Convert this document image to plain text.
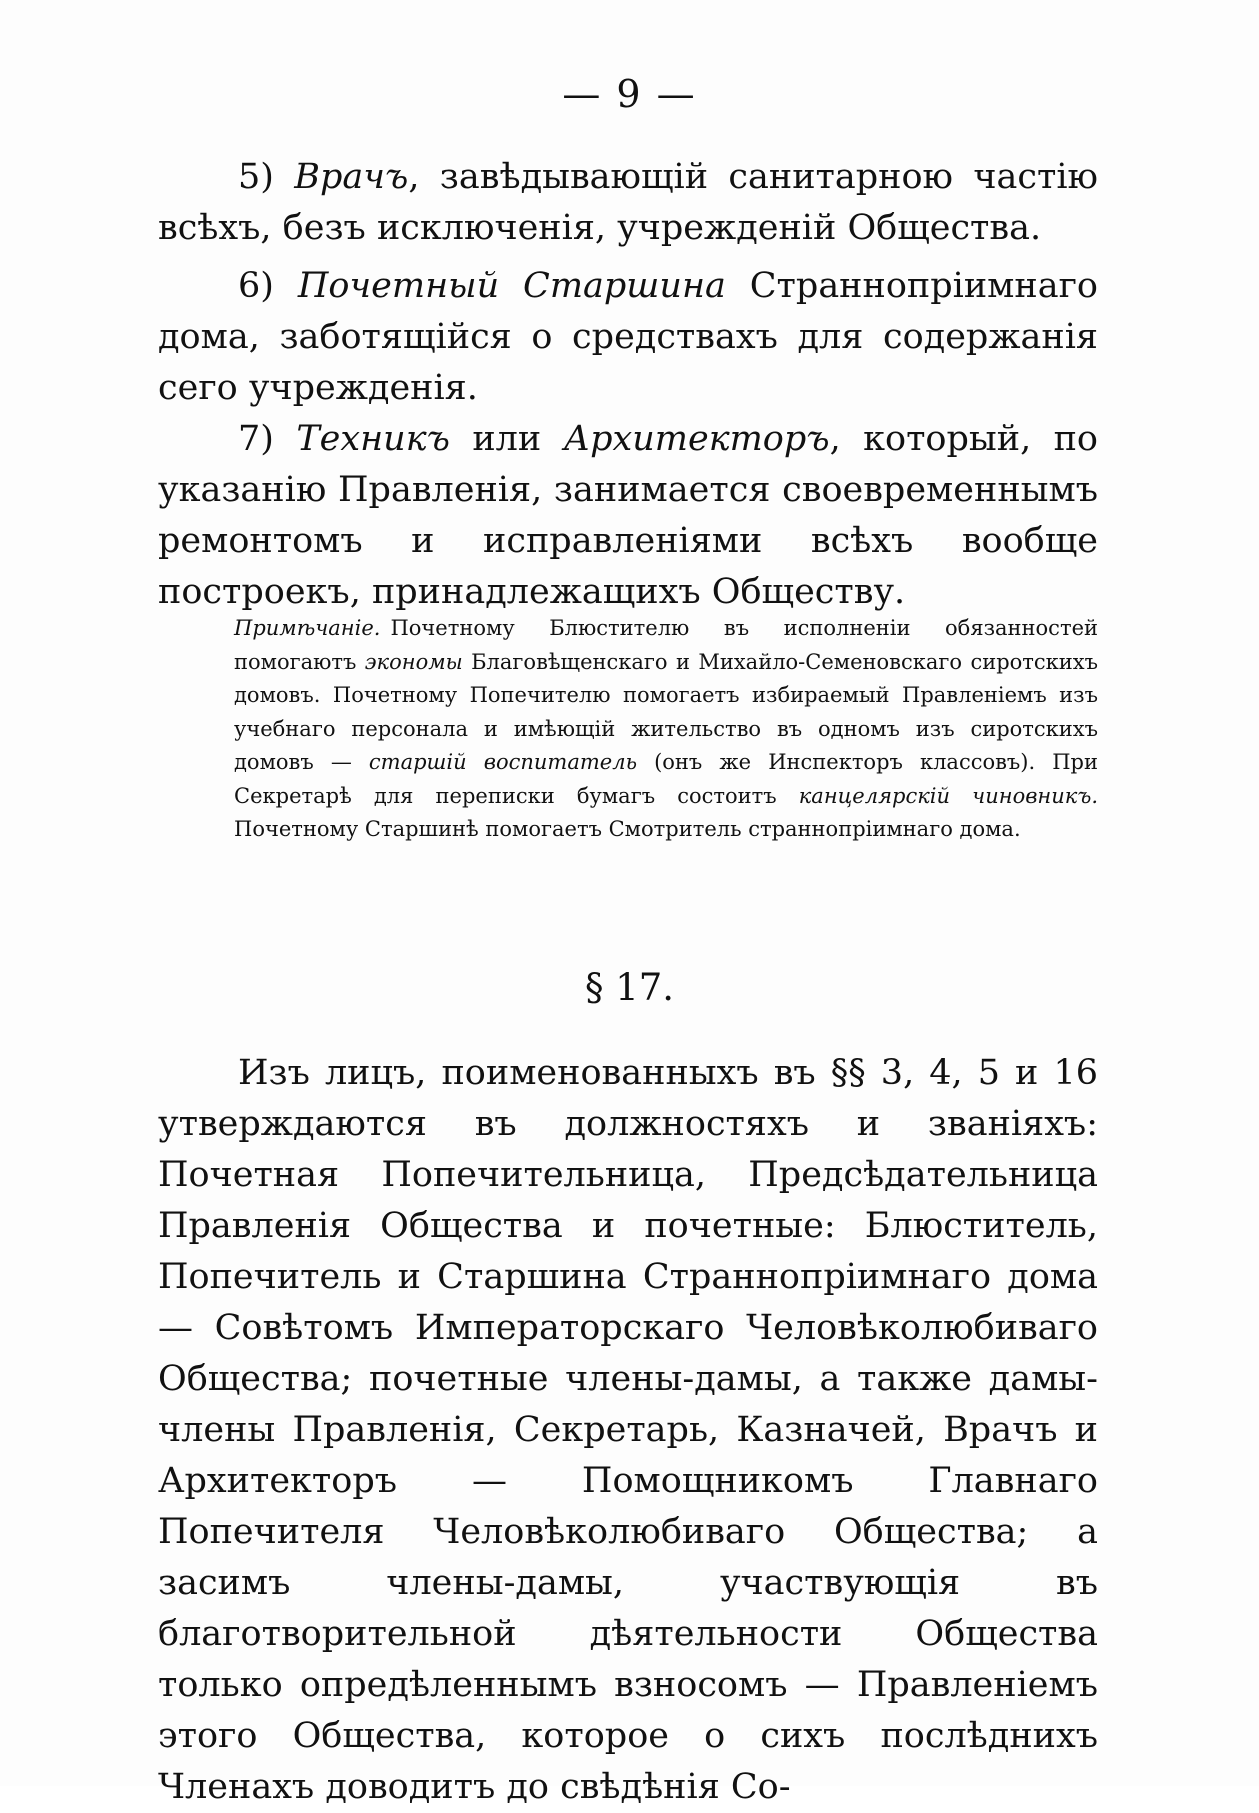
— 9 —

5) Врачъ, завѣдывающій санитарною частію всѣхъ, безъ исключенія, учрежденій Общества.

6) Почетный Старшина Страннопріимнаго дома, заботящійся о средствахъ для содержанія сего учрежденія.

7) Техникъ или Архитекторъ, который, по указанію Правленія, занимается своевременнымъ ремонтомъ и исправленіями всѣхъ вообще построекъ, принадлежащихъ Обществу.

Примѣчаніе. Почетному Блюстителю въ исполненіи обязанностей помогаютъ экономы Благовѣщенскаго и Михайло-Семеновскаго сиротскихъ домовъ. Почетному Попечителю помогаетъ избираемый Правленіемъ изъ учебнаго персонала и имѣющій жительство въ одномъ изъ сиротскихъ домовъ — старшій воспитатель (онъ же Инспекторъ классовъ). При Секретарѣ для переписки бумагъ состоитъ канцелярскій чиновникъ. Почетному Старшинѣ помогаетъ Смотритель страннопріимнаго дома.

§ 17.

Изъ лицъ, поименованныхъ въ §§ 3, 4, 5 и 16 утверждаются въ должностяхъ и званіяхъ: Почетная Попечительница, Предсѣдательница Правленія Общества и почетные: Блюститель, Попечитель и Старшина Страннопріимнаго дома — Совѣтомъ Императорскаго Человѣколюбиваго Общества; почетные члены-дамы, а также дамы-члены Правленія, Секретарь, Казначей, Врачъ и Архитекторъ — Помощникомъ Главнаго Попечителя Человѣколюбиваго Общества; а засимъ члены-дамы, участвующія въ благотворительной дѣятельности Общества только опредѣленнымъ взносомъ — Правленіемъ этого Общества, которое о сихъ послѣднихъ Членахъ доводитъ до свѣдѣнія Со-
